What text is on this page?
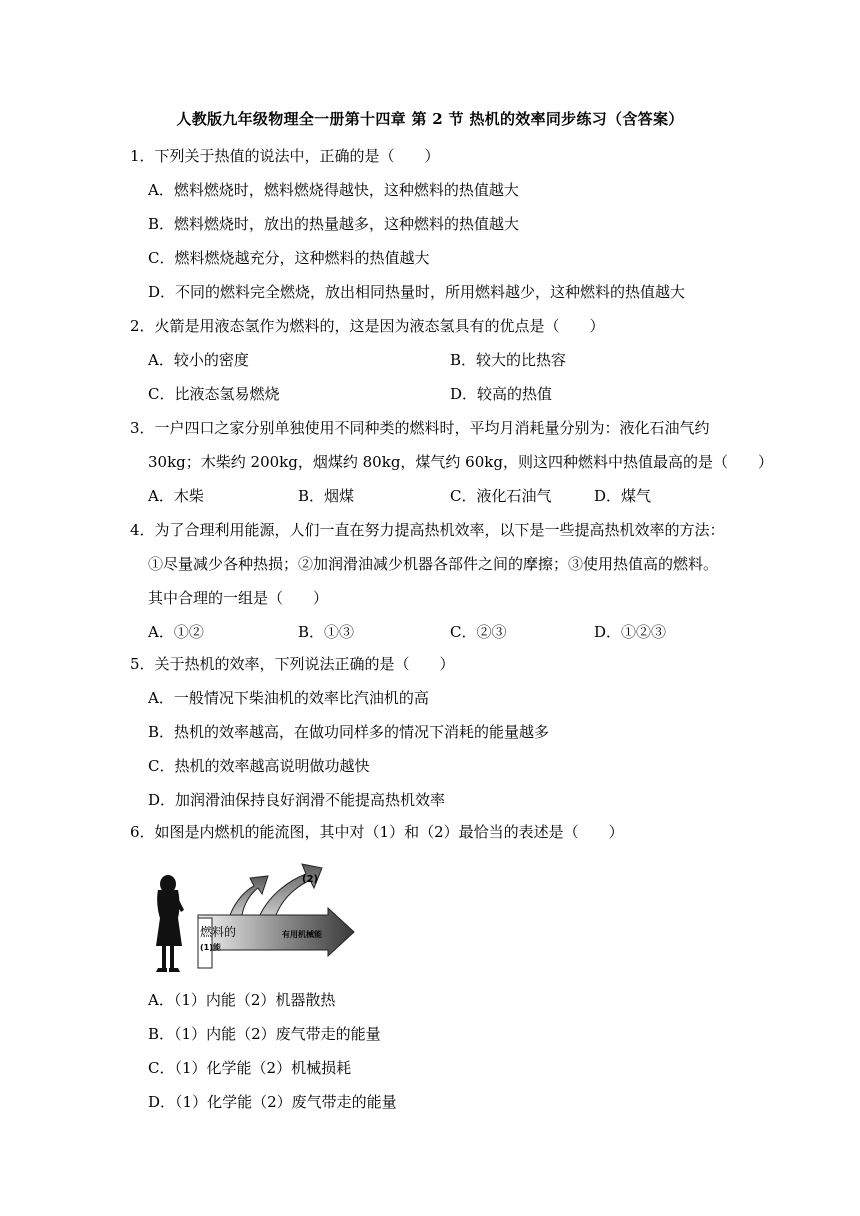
人教版九年级物理全一册第十四章 第 2 节 热机的效率同步练习（含答案）
1．下列关于热值的说法中，正确的是（　　）
A．燃料燃烧时，燃料燃烧得越快，这种燃料的热值越大
B．燃料燃烧时，放出的热量越多，这种燃料的热值越大
C．燃料燃烧越充分，这种燃料的热值越大
D．不同的燃料完全燃烧，放出相同热量时，所用燃料越少，这种燃料的热值越大
2．火箭是用液态氢作为燃料的，这是因为液态氢具有的优点是（　　）
A．较小的密度	B．较大的比热容
C．比液态氢易燃烧	D．较高的热值
3．一户四口之家分别单独使用不同种类的燃料时，平均月消耗量分别为：液化石油气约
30kg；木柴约 200kg，烟煤约 80kg，煤气约 60kg，则这四种燃料中热值最高的是（　　）
A．木柴	B．烟煤	C．液化石油气	D．煤气
4．为了合理利用能源，人们一直在努力提高热机效率，以下是一些提高热机效率的方法：
①尽量减少各种热损；②加润滑油减少机器各部件之间的摩擦；③使用热值高的燃料。
其中合理的一组是（　　）
A．①②	B．①③	C．②③	D．①②③
5．关于热机的效率，下列说法正确的是（　　）
A．一般情况下柴油机的效率比汽油机的高
B．热机的效率越高，在做功同样多的情况下消耗的能量越多
C．热机的效率越高说明做功越快
D．加润滑油保持良好润滑不能提高热机效率
6．如图是内燃机的能流图，其中对（1）和（2）最恰当的表述是（　　）
燃料的
(1)能
(2)
有用机械能
A．（1）内能（2）机器散热
B．（1）内能（2）废气带走的能量
C．（1）化学能（2）机械损耗
D．（1）化学能（2）废气带走的能量
